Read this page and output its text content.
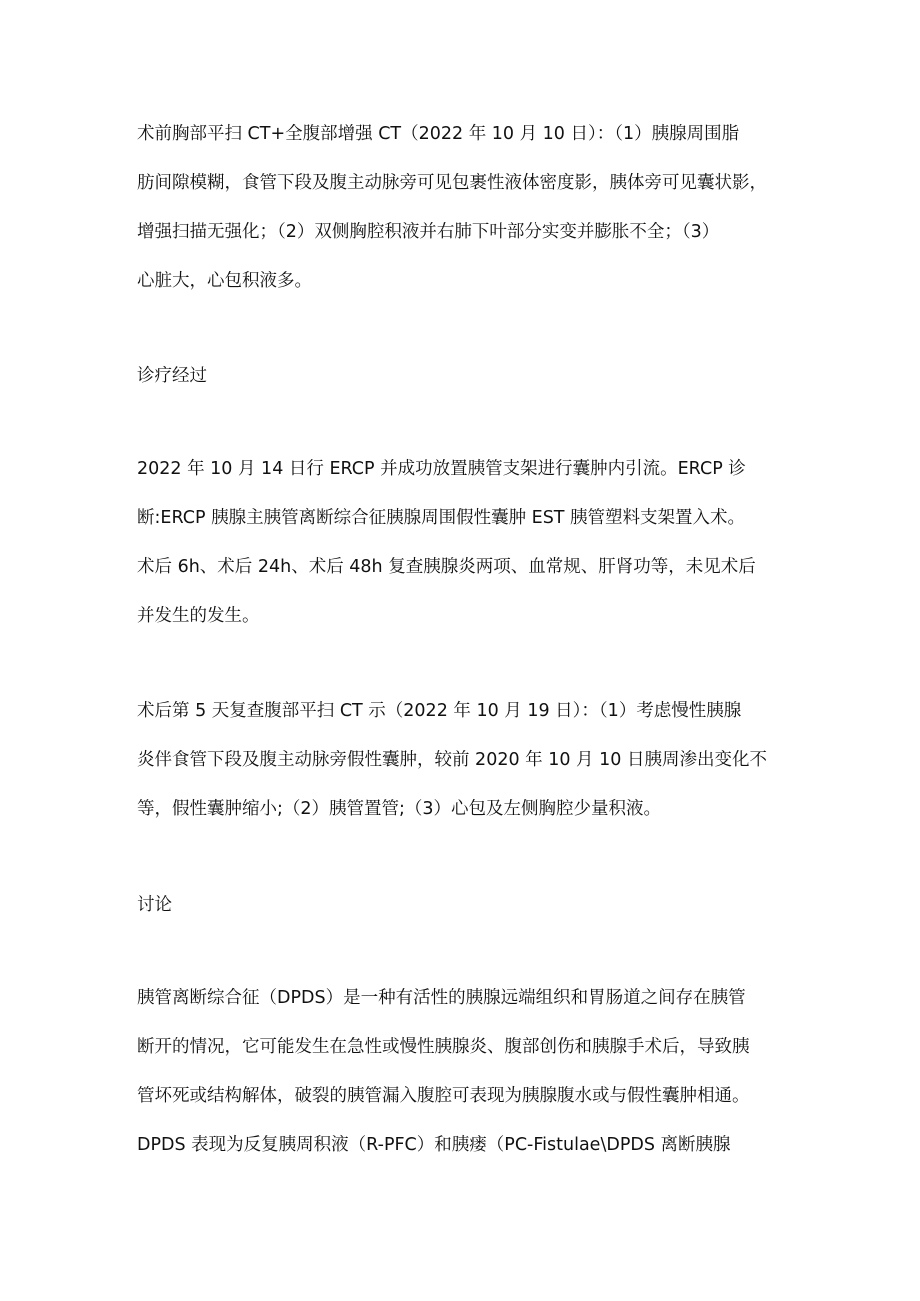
术前胸部平扫 CT+全腹部增强 CT（2022 年 10 月 10 日）：（1）胰腺周围脂
肪间隙模糊，食管下段及腹主动脉旁可见包裹性液体密度影，胰体旁可见囊状影，
增强扫描无强化；（2）双侧胸腔积液并右肺下叶部分实变并膨胀不全；（3）
心脏大，心包积液多。
诊疗经过
2022 年 10 月 14 日行 ERCP 并成功放置胰管支架进行囊肿内引流。ERCP 诊
断:ERCP 胰腺主胰管离断综合征胰腺周围假性囊肿 EST 胰管塑料支架置入术。
术后 6h、术后 24h、术后 48h 复查胰腺炎两项、血常规、肝肾功等，未见术后
并发生的发生。
术后第 5 天复查腹部平扫 CT 示（2022 年 10 月 19 日）：（1）考虑慢性胰腺
炎伴食管下段及腹主动脉旁假性囊肿，较前 2020 年 10 月 10 日胰周渗出变化不
等，假性囊肿缩小;（2）胰管置管;（3）心包及左侧胸腔少量积液。
讨论
胰管离断综合征（DPDS）是一种有活性的胰腺远端组织和胃肠道之间存在胰管
断开的情况，它可能发生在急性或慢性胰腺炎、腹部创伤和胰腺手术后，导致胰
管坏死或结构解体，破裂的胰管漏入腹腔可表现为胰腺腹水或与假性囊肿相通。
DPDS 表现为反复胰周积液（R-PFC）和胰瘘（PC-Fistulae\DPDS 离断胰腺
